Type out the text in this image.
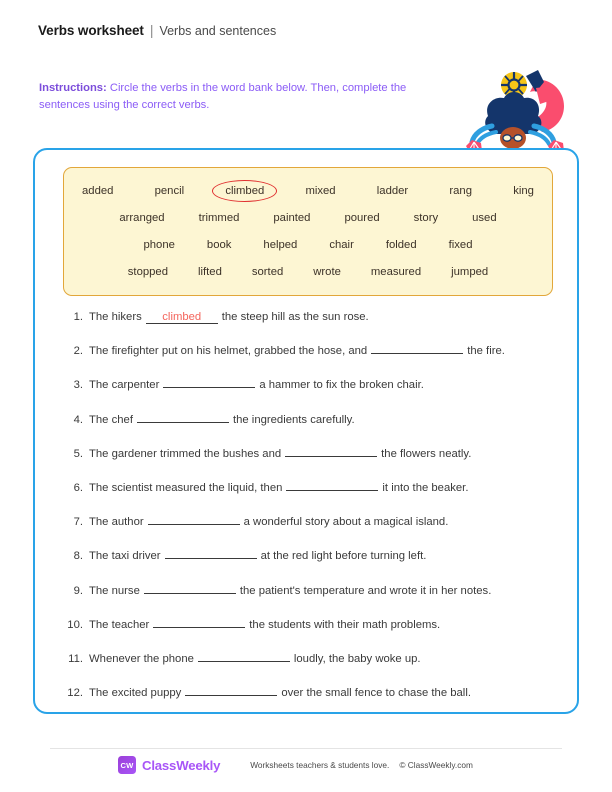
Verbs worksheet | Verbs and sentences
Instructions: Circle the verbs in the word bank below. Then, complete the sentences using the correct verbs.
added	pencil	climbed	mixed	ladder	rang	king
arranged	trimmed	painted	poured	story	used
phone	book	helped	chair	folded	fixed
stopped	lifted	sorted	wrote	measured	jumped
1. The hikers	climbed	the steep hill as the sun rose.
2. The firefighter put on his helmet, grabbed the hose, and	the fire.
3. The carpenter	a hammer to fix the broken chair.
4. The chef	the ingredients carefully.
5. The gardener trimmed the bushes and	the flowers neatly.
6. The scientist measured the liquid, then	it into the beaker.
7. The author	a wonderful story about a magical island.
8. The taxi driver	at the red light before turning left.
9. The nurse	the patient's temperature and wrote it in her notes.
10. The teacher	the students with their math problems.
11. Whenever the phone	loudly, the baby woke up.
12. The excited puppy	over the small fence to chase the ball.
CW ClassWeekly	Worksheets teachers & students love. © ClassWeekly.com
